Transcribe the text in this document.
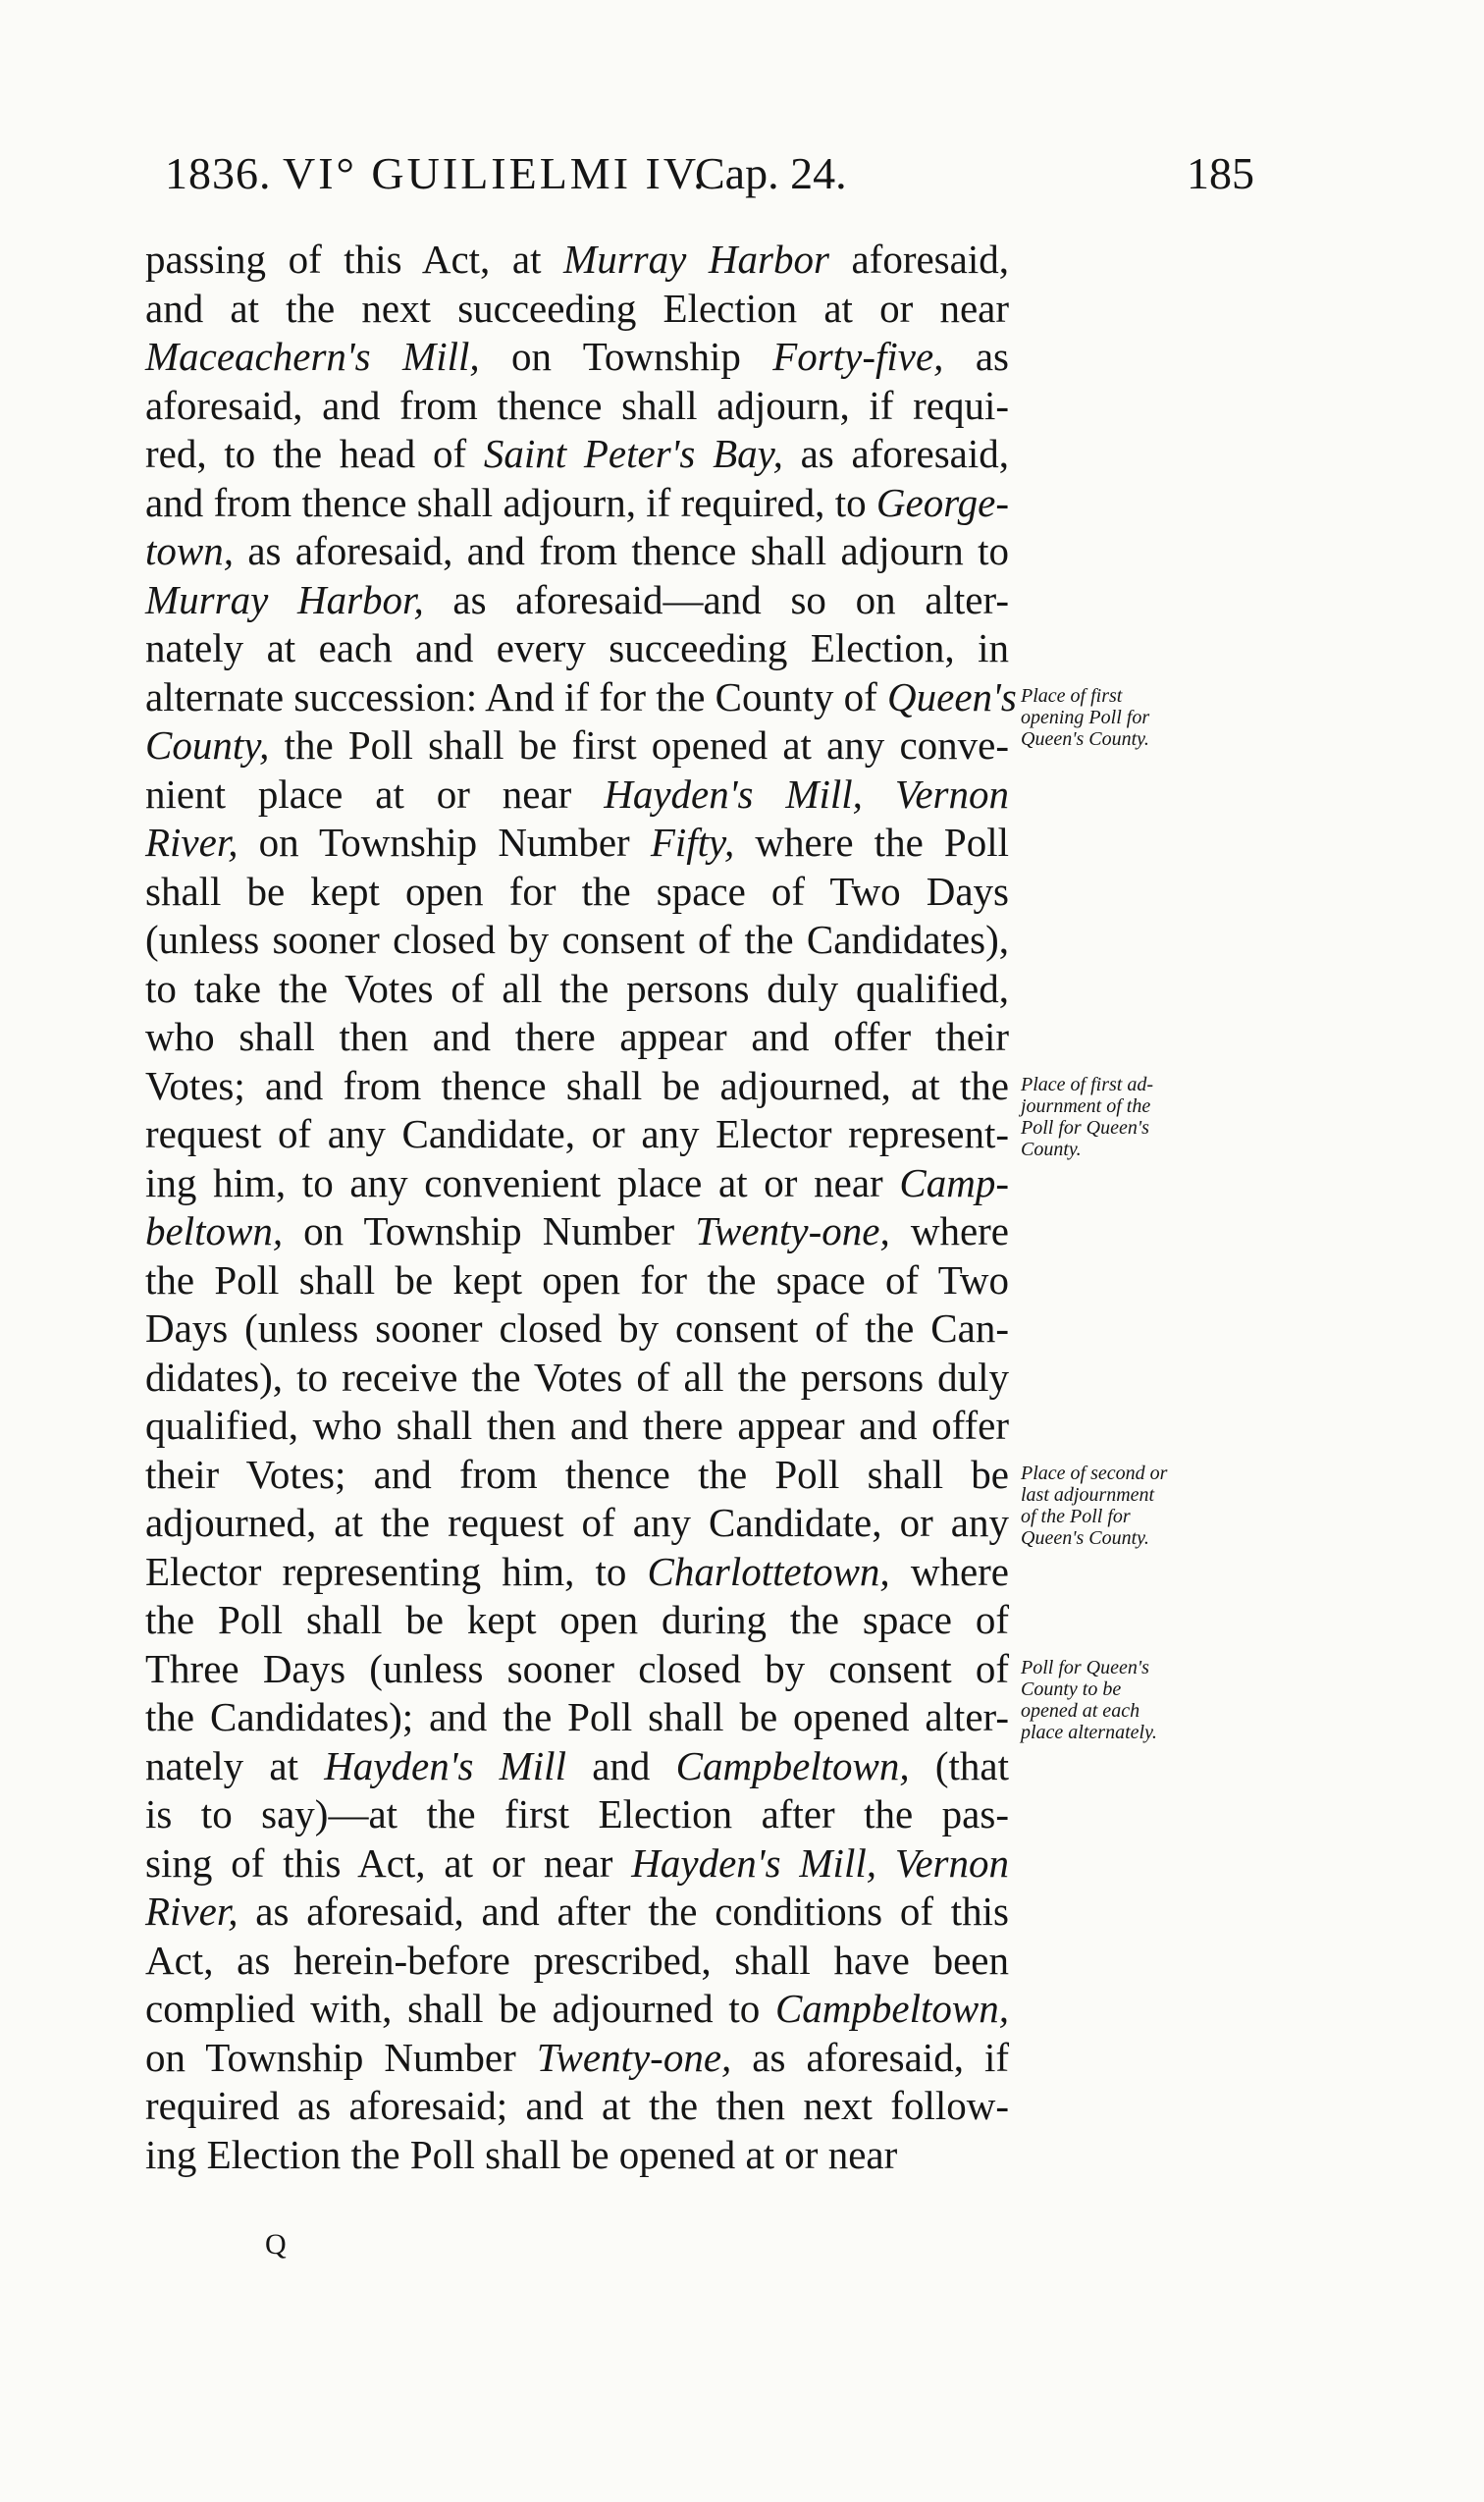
1836. VI° GUILIELMI IV.
Cap. 24.	185
passing of this Act, at Murray Harbor aforesaid,
and at the next succeeding Election at or near
Maceachern's Mill, on Township Forty-five, as
aforesaid, and from thence shall adjourn, if requi-
red, to the head of Saint Peter's Bay, as aforesaid,
and from thence shall adjourn, if required, to George-
town, as aforesaid, and from thence shall adjourn to
Murray Harbor, as aforesaid—and so on alter-
nately at each and every succeeding Election, in
alternate succession: And if for the County of Queen's
County, the Poll shall be first opened at any conve-
nient place at or near Hayden's Mill, Vernon
River, on Township Number Fifty, where the Poll
shall be kept open for the space of Two Days
(unless sooner closed by consent of the Candidates),
to take the Votes of all the persons duly qualified,
who shall then and there appear and offer their
Votes; and from thence shall be adjourned, at the
request of any Candidate, or any Elector represent-
ing him, to any convenient place at or near Camp-
beltown, on Township Number Twenty-one, where
the Poll shall be kept open for the space of Two
Days (unless sooner closed by consent of the Can-
didates), to receive the Votes of all the persons duly
qualified, who shall then and there appear and offer
their Votes; and from thence the Poll shall be
adjourned, at the request of any Candidate, or any
Elector representing him, to Charlottetown, where
the Poll shall be kept open during the space of
Three Days (unless sooner closed by consent of
the Candidates); and the Poll shall be opened alter-
nately at Hayden's Mill and Campbeltown, (that
is to say)—at the first Election after the pas-
sing of this Act, at or near Hayden's Mill, Vernon
River, as aforesaid, and after the conditions of this
Act, as herein-before prescribed, shall have been
complied with, shall be adjourned to Campbeltown,
on Township Number Twenty-one, as aforesaid, if
required as aforesaid; and at the then next follow-
ing Election the Poll shall be opened at or near
Place of first
opening Poll for
Queen's County.
Place of first ad-
journment of the
Poll for Queen's
County.
Place of second or
last adjournment
of the Poll for
Queen's County.
Poll for Queen's
County to be
opened at each
place alternately.
Q
